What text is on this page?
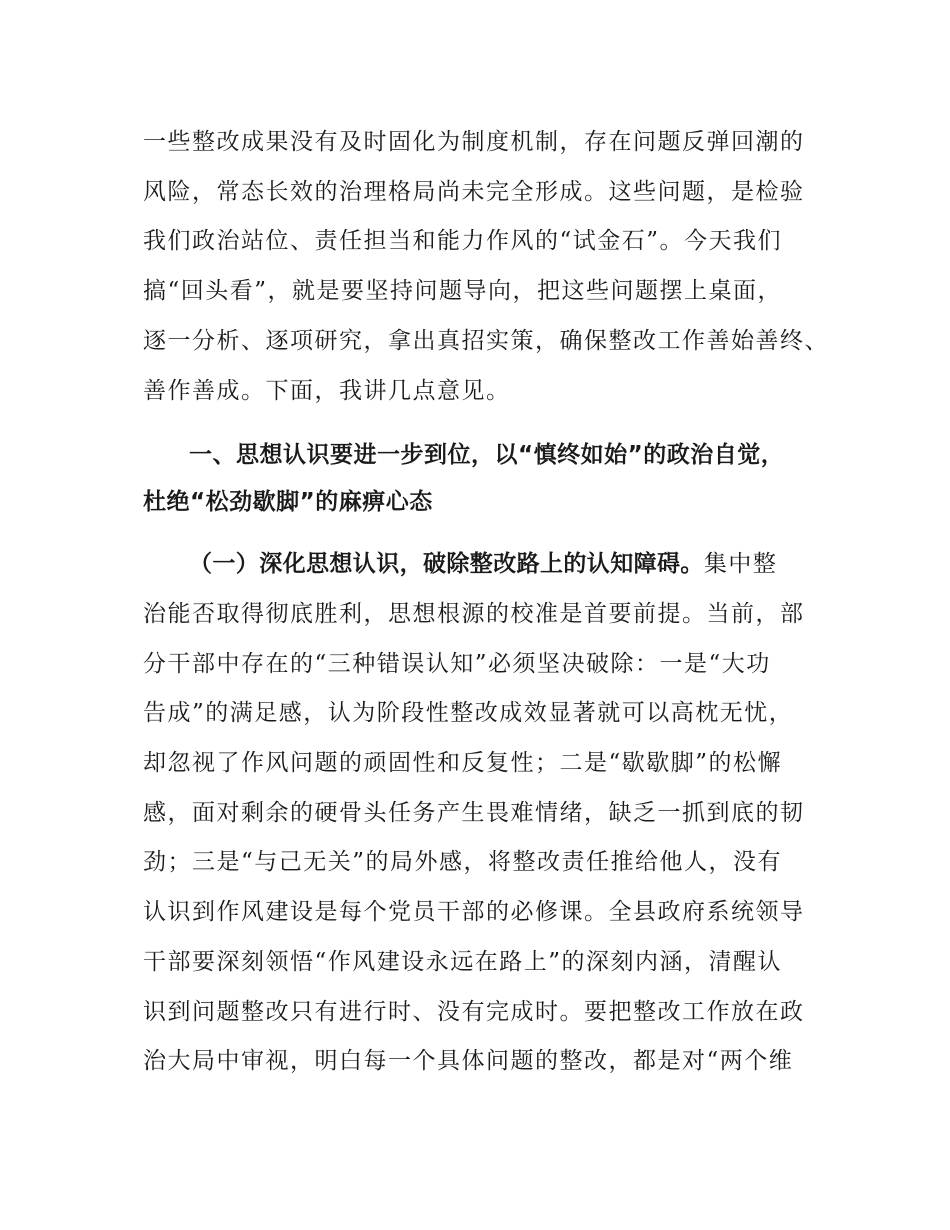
一些整改成果没有及时固化为制度机制，存在问题反弹回潮的
风险，常态长效的治理格局尚未完全形成。这些问题，是检验
我们政治站位、责任担当和能力作风的“试金石”。今天我们
搞“回头看”，就是要坚持问题导向，把这些问题摆上桌面，
逐一分析、逐项研究，拿出真招实策，确保整改工作善始善终、
善作善成。下面，我讲几点意见。

一、思想认识要进一步到位，以“慎终如始”的政治自觉，
杜绝“松劲歇脚”的麻痹心态

（一）深化思想认识，破除整改路上的认知障碍。集中整
治能否取得彻底胜利，思想根源的校准是首要前提。当前，部
分干部中存在的“三种错误认知”必须坚决破除：一是“大功
告成”的满足感，认为阶段性整改成效显著就可以高枕无忧，
却忽视了作风问题的顽固性和反复性；二是“歇歇脚”的松懈
感，面对剩余的硬骨头任务产生畏难情绪，缺乏一抓到底的韧
劲；三是“与己无关”的局外感，将整改责任推给他人，没有
认识到作风建设是每个党员干部的必修课。全县政府系统领导
干部要深刻领悟“作风建设永远在路上”的深刻内涵，清醒认
识到问题整改只有进行时、没有完成时。要把整改工作放在政
治大局中审视，明白每一个具体问题的整改，都是对“两个维
